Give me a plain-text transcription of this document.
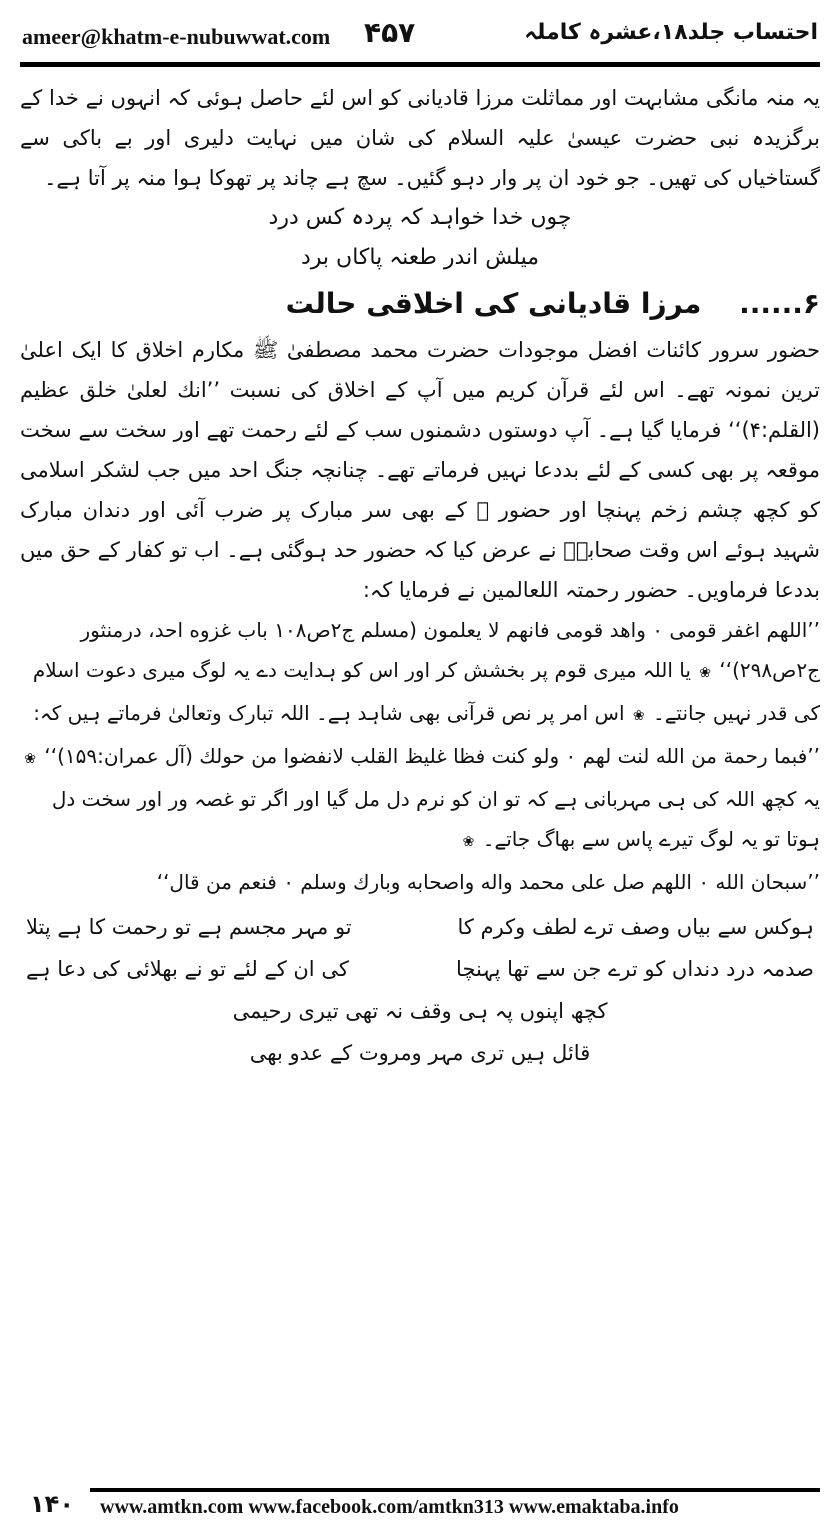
ameer@khatm-e-nubuwwat.com ۴۵۷	احتساب جلد۱۸،عشرہ کاملہ

یہ منہ مانگی مشابہت اور مماثلت مرزا قادیانی کو اس لئے حاصل ہوئی کہ انہوں نے خدا کے برگزیدہ نبی حضرت عیسیٰ علیہ السلام کی شان میں نہایت دلیری اور بے باکی سے گستاخیاں کی تھیں۔ جو خود ان پر وار دہو گئیں۔ سچ ہے چاند پر تھوکا ہوا منہ پر آتا ہے۔

چوں خدا خواہد کہ پردہ کس درد
میلش اندر طعنہ پاکاں برد
۶...... مرزا قادیانی کی اخلاقی حالت

حضور سرور کائنات افضل موجودات حضرت محمد مصطفیٰ ﷺ مکارم اخلاق کا ایک اعلیٰ ترین نمونہ تھے۔ اس لئے قرآن کریم میں آپ کے اخلاق کی نسبت ’’انك لعلیٰ خلق عظیم (القلم:۴)‘‘ فرمایا گیا ہے۔ آپ دوستوں دشمنوں سب کے لئے رحمت تھے اور سخت سے سخت موقعہ پر بھی کسی کے لئے بددعا نہیں فرماتے تھے۔ چنانچہ جنگ احد میں جب لشکر اسلامی کو کچھ چشم زخم پہنچا اور حضور ﷺ کے بھی سر مبارک پر ضرب آئی اور دندان مبارک شہید ہوئے اس وقت صحابہؓ نے عرض کیا کہ حضور حد ہوگئی ہے۔ اب تو کفار کے حق میں بددعا فرماویں۔ حضور رحمتہ اللعالمین نے فرمایا کہ:

’’اللهم اغفر قومی ۰ واهد قومی فانهم لا یعلمون (مسلم ج۲ص۱۰۸ باب غزوه احد، درمنثور ج۲ص۲۹۸)‘‘ ❀ یا اللہ میری قوم پر بخشش کر اور اس کو ہدایت دے یہ لوگ میری دعوت اسلام کی قدر نہیں جانتے۔ ❀ اس امر پر نص قرآنی بھی شاہد ہے۔ اللہ تبارک وتعالیٰ فرماتے ہیں کہ:

’’فبما رحمة من الله لنت لهم ۰ ولو كنت فظا غلیظ القلب لانفضوا من حولك (آل عمران:۱۵۹)‘‘ ❀ یہ کچھ اللہ کی ہی مہربانی ہے کہ تو ان کو نرم دل مل گیا اور اگر تو غصہ ور اور سخت دل ہوتا تو یہ لوگ تیرے پاس سے بھاگ جاتے۔ ❀

’’سبحان الله ۰ اللهم صل علی محمد واله واصحابه وبارك وسلم ۰ فنعم من قال‘‘

ہوکس سے بیاں وصف ترے لطف وکرم کا
تو مہر مجسم ہے تو رحمت کا ہے پتلا
صدمہ درد دنداں کو ترے جن سے تھا پہنچا
کی ان کے لئے تو نے بھلائی کی دعا ہے
کچھ اپنوں پہ ہی وقف نہ تھی تیری رحیمی
قائل ہیں تری مہر ومروت کے عدو بھی
۱۴۰	www.amtkn.com www.facebook.com/amtkn313 www.emaktaba.info
